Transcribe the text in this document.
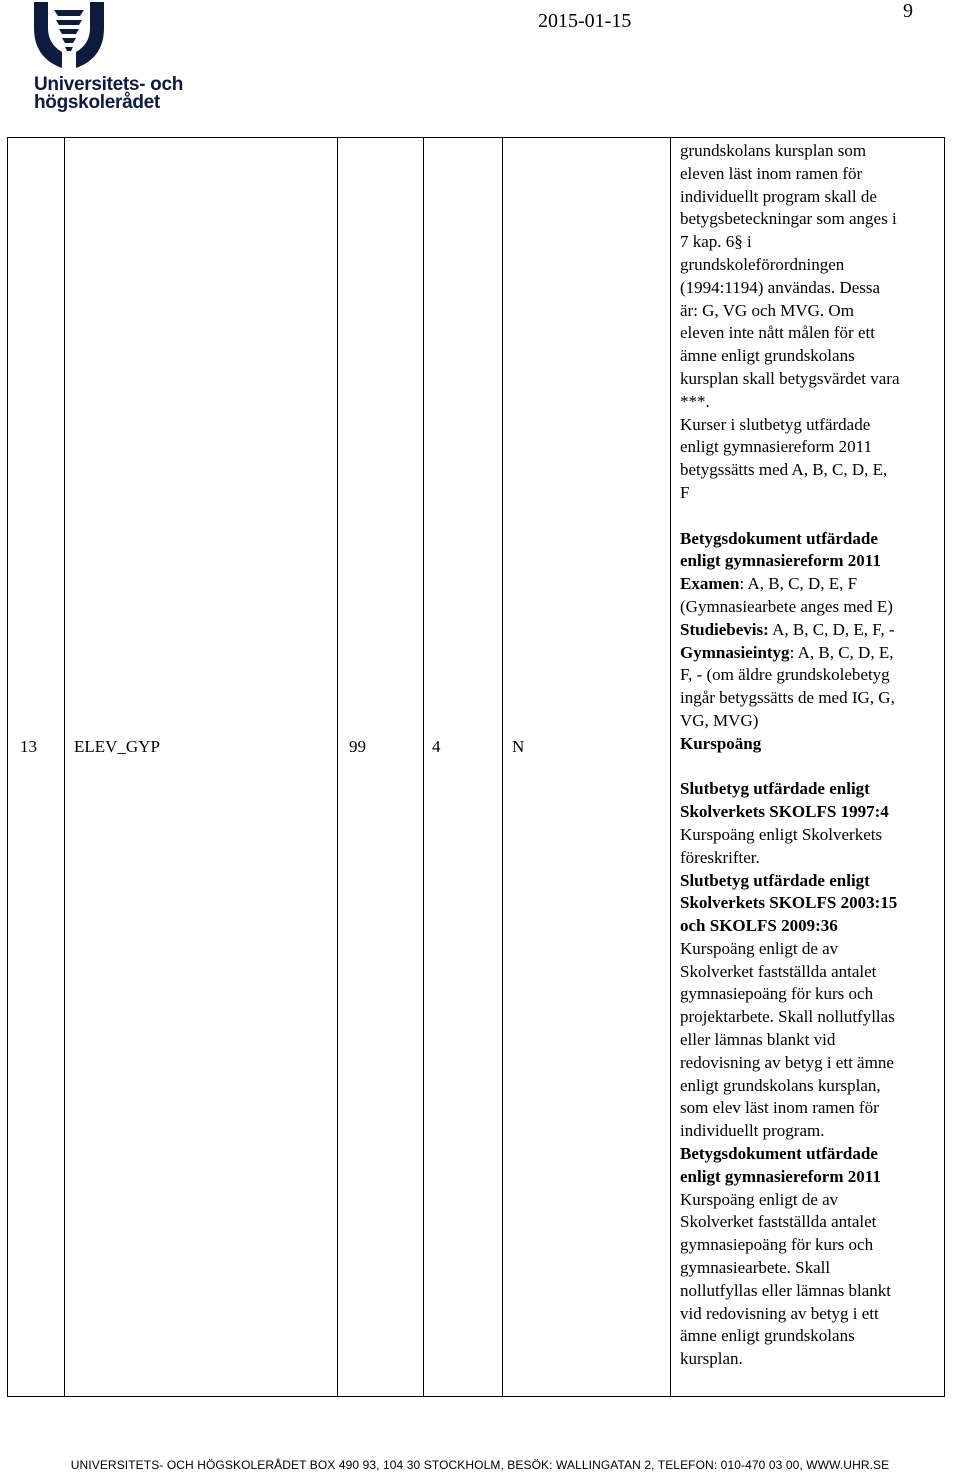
Universitets- och
högskolerådet
2015-01-15	9
13 ELEV_GYP	99	4	N
grundskolans kursplan som
eleven läst inom ramen för
individuellt program skall de
betygsbeteckningar som anges i
7 kap. 6§ i
grundskoleförordningen
(1994:1194) användas. Dessa
är: G, VG och MVG. Om
eleven inte nått målen för ett
ämne enligt grundskolans
kursplan skall betygsvärdet vara
***.
Kurser i slutbetyg utfärdade
enligt gymnasiereform 2011
betygssätts med A, B, C, D, E,
F
Betygsdokument utfärdade
enligt gymnasiereform 2011
Examen: A, B, C, D, E, F
(Gymnasiearbete anges med E)
Studiebevis: A, B, C, D, E, F, -
Gymnasieintyg: A, B, C, D, E,
F, - (om äldre grundskolebetyg
ingår betygssätts de med IG, G,
VG, MVG)
Kurspoäng
Slutbetyg utfärdade enligt
Skolverkets SKOLFS 1997:4
Kurspoäng enligt Skolverkets
föreskrifter.
Slutbetyg utfärdade enligt
Skolverkets SKOLFS 2003:15
och SKOLFS 2009:36
Kurspoäng enligt de av
Skolverket fastställda antalet
gymnasiepoäng för kurs och
projektarbete. Skall nollutfyllas
eller lämnas blankt vid
redovisning av betyg i ett ämne
enligt grundskolans kursplan,
som elev läst inom ramen för
individuellt program.
Betygsdokument utfärdade
enligt gymnasiereform 2011
Kurspoäng enligt de av
Skolverket fastställda antalet
gymnasiepoäng för kurs och
gymnasiearbete. Skall
nollutfyllas eller lämnas blankt
vid redovisning av betyg i ett
ämne enligt grundskolans
kursplan.
UNIVERSITETS- OCH HÖGSKOLERÅDET BOX 490 93, 104 30 STOCKHOLM, BESÖK: WALLINGATAN 2, TELEFON: 010-470 03 00, WWW.UHR.SE
